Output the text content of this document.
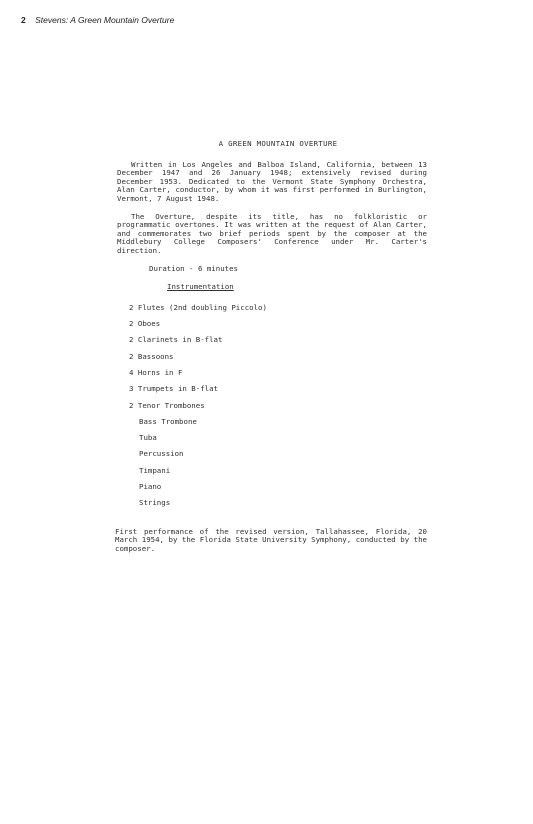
2 Stevens: A Green Mountain Overture
A GREEN MOUNTAIN OVERTURE

Written in Los Angeles and Balboa Island, California, between 13 December 1947 and 26 January 1948; extensively revised during December 1953. Dedicated to the Vermont State Symphony Orchestra, Alan Carter, conductor, by whom it was first performed in Burlington, Vermont, 7 August 1948.

The Overture, despite its title, has no folkloristic or programmatic overtones. It was written at the request of Alan Carter, and commemorates two brief periods spent by the composer at the Middlebury College Composers' Conference under Mr. Carter's direction.

Duration - 6 minutes
Instrumentation
2 Flutes (2nd doubling Piccolo)
2 Oboes
2 Clarinets in B-flat
2 Bassoons
4 Horns in F
3 Trumpets in B-flat
2 Tenor Trombones
Bass Trombone
Tuba
Percussion
Timpani
Piano
Strings

First performance of the revised version, Tallahassee, Florida, 20 March 1954, by the Florida State University Symphony, conducted by the composer.
